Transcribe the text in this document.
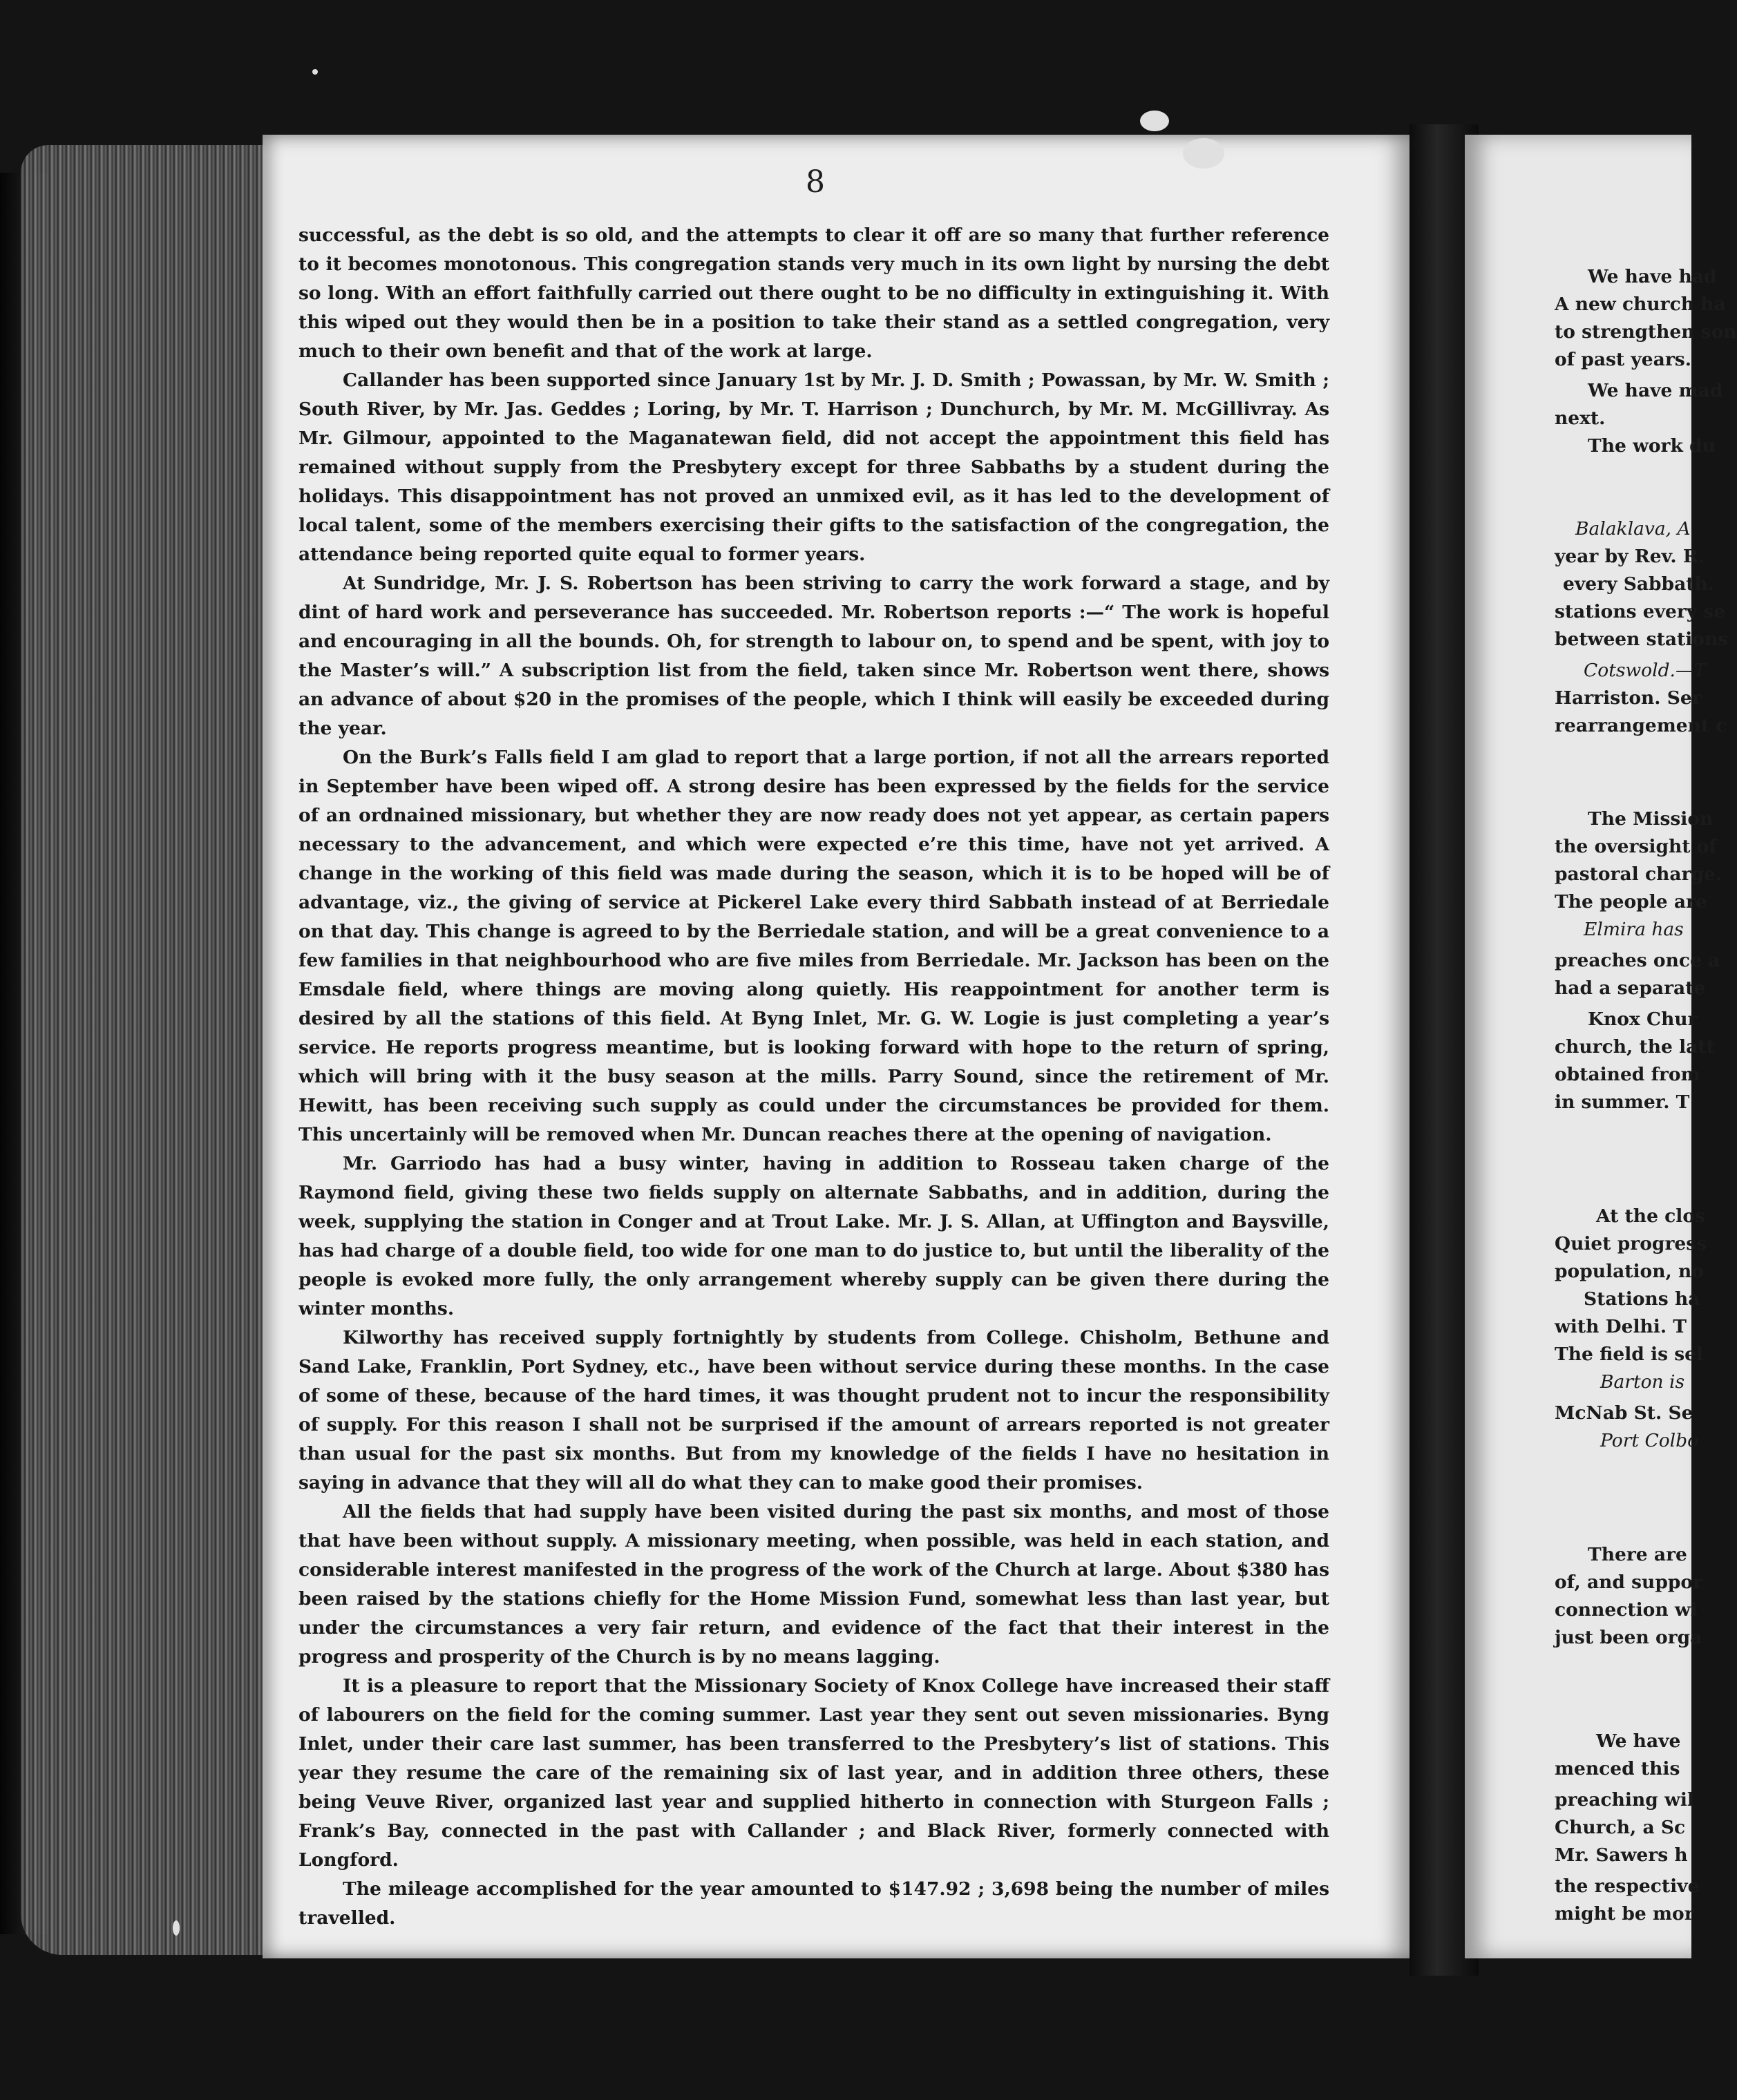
We have had
A new church ha
to strengthen son
of past years.
We have mad
next.
The work du
Balaklava, A
year by Rev. R.
every Sabbath.
stations every se
between stations
Cotswold.—T
Harriston. Ser
rearrangement c
The Mission
the oversight of
pastoral charge.
The people are
Elmira has
preaches once a
had a separate
Knox Chur
church, the latt
obtained from
in summer. T
At the clos
Quiet progress
population, no
Stations ha
with Delhi. T
The field is sel
Barton is
McNab St. Se
Port Colbo
There are
of, and suppor
connection wi
just been orga
We have
menced this
preaching wil
Church, a Sc
Mr. Sawers h
the respective
might be mor
8

successful, as the debt is so old, and the attempts to clear it off are so many that further reference to it becomes monotonous. This congregation stands very much in its own light by nursing the debt so long. With an effort faithfully carried out there ought to be no difficulty in extinguishing it. With this wiped out they would then be in a position to take their stand as a settled congregation, very much to their own benefit and that of the work at large.

Callander has been supported since January 1st by Mr. J. D. Smith ; Powassan, by Mr. W. Smith ; South River, by Mr. Jas. Geddes ; Loring, by Mr. T. Harrison ; Dunchurch, by Mr. M. McGillivray. As Mr. Gilmour, appointed to the Maganatewan field, did not accept the appointment this field has remained without supply from the Presbytery except for three Sabbaths by a student during the holidays. This disappointment has not proved an unmixed evil, as it has led to the development of local talent, some of the members exercising their gifts to the satisfaction of the congregation, the attendance being reported quite equal to former years.

At Sundridge, Mr. J. S. Robertson has been striving to carry the work forward a stage, and by dint of hard work and perseverance has succeeded. Mr. Robertson reports :—“ The work is hopeful and encouraging in all the bounds. Oh, for strength to labour on, to spend and be spent, with joy to the Master’s will.” A subscription list from the field, taken since Mr. Robertson went there, shows an advance of about $20 in the promises of the people, which I think will easily be exceeded during the year.

On the Burk’s Falls field I am glad to report that a large portion, if not all the arrears reported in September have been wiped off. A strong desire has been expressed by the fields for the service of an ordnained missionary, but whether they are now ready does not yet appear, as certain papers necessary to the advancement, and which were expected e’re this time, have not yet arrived. A change in the working of this field was made during the season, which it is to be hoped will be of advantage, viz., the giving of service at Pickerel Lake every third Sabbath instead of at Berriedale on that day. This change is agreed to by the Berriedale station, and will be a great convenience to a few families in that neighbourhood who are five miles from Berriedale. Mr. Jackson has been on the Emsdale field, where things are moving along quietly. His reappointment for another term is desired by all the stations of this field. At Byng Inlet, Mr. G. W. Logie is just completing a year’s service. He reports progress meantime, but is looking forward with hope to the return of spring, which will bring with it the busy season at the mills. Parry Sound, since the retirement of Mr. Hewitt, has been receiving such supply as could under the circumstances be provided for them. This uncertainly will be removed when Mr. Duncan reaches there at the opening of navigation.

Mr. Garriodo has had a busy winter, having in addition to Rosseau taken charge of the Raymond field, giving these two fields supply on alternate Sabbaths, and in addition, during the week, supplying the station in Conger and at Trout Lake. Mr. J. S. Allan, at Uffington and Baysville, has had charge of a double field, too wide for one man to do justice to, but until the liberality of the people is evoked more fully, the only arrangement whereby supply can be given there during the winter months.

Kilworthy has received supply fortnightly by students from College. Chisholm, Bethune and Sand Lake, Franklin, Port Sydney, etc., have been without service during these months. In the case of some of these, because of the hard times, it was thought prudent not to incur the responsibility of supply. For this reason I shall not be surprised if the amount of arrears reported is not greater than usual for the past six months. But from my knowledge of the fields I have no hesitation in saying in advance that they will all do what they can to make good their promises.

All the fields that had supply have been visited during the past six months, and most of those that have been without supply. A missionary meeting, when possible, was held in each station, and considerable interest manifested in the progress of the work of the Church at large. About $380 has been raised by the stations chiefly for the Home Mission Fund, somewhat less than last year, but under the circumstances a very fair return, and evidence of the fact that their interest in the progress and prosperity of the Church is by no means lagging.

It is a pleasure to report that the Missionary Society of Knox College have increased their staff of labourers on the field for the coming summer. Last year they sent out seven missionaries. Byng Inlet, under their care last summer, has been transferred to the Presbytery’s list of stations. This year they resume the care of the remaining six of last year, and in addition three others, these being Veuve River, organized last year and supplied hitherto in connection with Sturgeon Falls ; Frank’s Bay, connected in the past with Callander ; and Black River, formerly connected with Longford.

The mileage accomplished for the year amounted to $147.92 ; 3,698 being the number of miles travelled.
